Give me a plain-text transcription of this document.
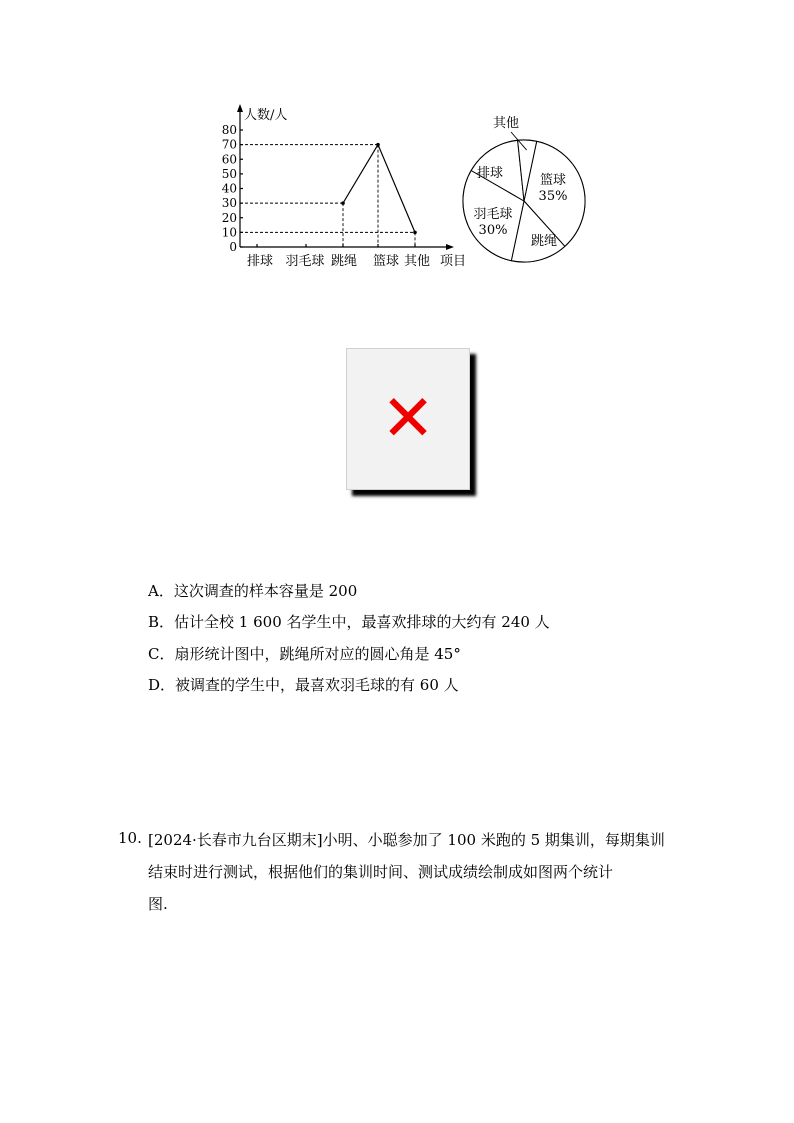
人数/人
0
10
20
30
40
50
60
70
80
排球 羽毛球 跳绳 篮球 其他 项目
篮球
35%
跳绳
羽毛球
30%
排球
其他
✕
A．这次调查的样本容量是 200
B．估计全校 1 600 名学生中，最喜欢排球的大约有 240 人
C．扇形统计图中，跳绳所对应的圆心角是 45°
D．被调查的学生中，最喜欢羽毛球的有 60 人
10. [2024·长春市九台区期末]小明、小聪参加了 100 米跑的 5 期集训，每期集训
结束时进行测试，根据他们的集训时间、测试成绩绘制成如图两个统计
图.
